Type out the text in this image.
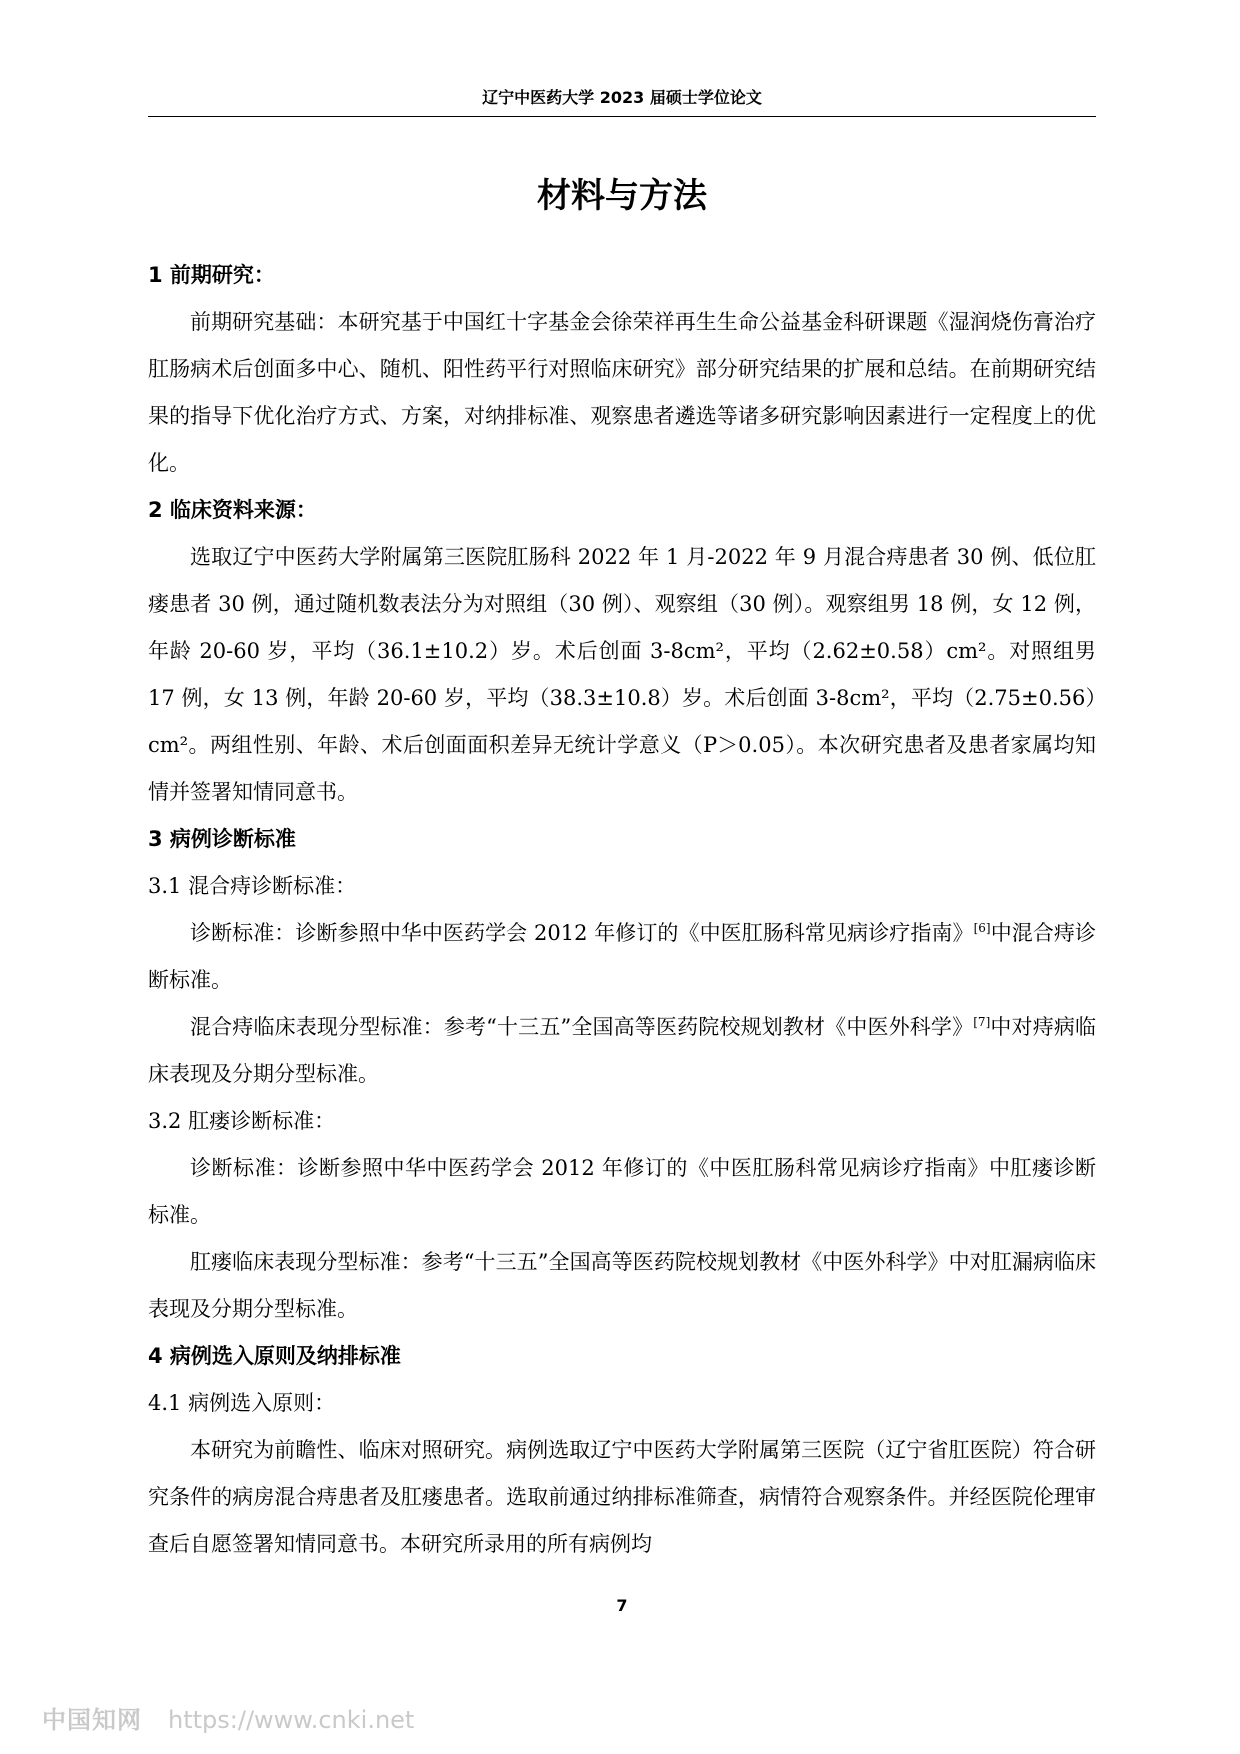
辽宁中医药大学 2023 届硕士学位论文
材料与方法

1 前期研究：

前期研究基础：本研究基于中国红十字基金会徐荣祥再生生命公益基金科研课题《湿润烧伤膏治疗肛肠病术后创面多中心、随机、阳性药平行对照临床研究》部分研究结果的扩展和总结。在前期研究结果的指导下优化治疗方式、方案，对纳排标准、观察患者遴选等诸多研究影响因素进行一定程度上的优化。

2 临床资料来源：

选取辽宁中医药大学附属第三医院肛肠科 2022 年 1 月-2022 年 9 月混合痔患者 30 例、低位肛瘘患者 30 例，通过随机数表法分为对照组（30 例）、观察组（30 例）。观察组男 18 例，女 12 例，年龄 20-60 岁，平均（36.1±10.2）岁。术后创面 3-8cm²，平均（2.62±0.58）cm²。对照组男 17 例，女 13 例，年龄 20-60 岁，平均（38.3±10.8）岁。术后创面 3-8cm²，平均（2.75±0.56）cm²。两组性别、年龄、术后创面面积差异无统计学意义（P＞0.05）。本次研究患者及患者家属均知情并签署知情同意书。

3 病例诊断标准

3.1 混合痔诊断标准：

诊断标准：诊断参照中华中医药学会 2012 年修订的《中医肛肠科常见病诊疗指南》[6]中混合痔诊断标准。

混合痔临床表现分型标准：参考“十三五”全国高等医药院校规划教材《中医外科学》[7]中对痔病临床表现及分期分型标准。

3.2 肛瘘诊断标准：

诊断标准：诊断参照中华中医药学会 2012 年修订的《中医肛肠科常见病诊疗指南》中肛瘘诊断标准。

肛瘘临床表现分型标准：参考“十三五”全国高等医药院校规划教材《中医外科学》中对肛漏病临床表现及分期分型标准。

4 病例选入原则及纳排标准

4.1 病例选入原则：

本研究为前瞻性、临床对照研究。病例选取辽宁中医药大学附属第三医院（辽宁省肛医院）符合研究条件的病房混合痔患者及肛瘘患者。选取前通过纳排标准筛查，病情符合观察条件。并经医院伦理审查后自愿签署知情同意书。本研究所录用的所有病例均

7
中国知网 https://www.cnki.net
